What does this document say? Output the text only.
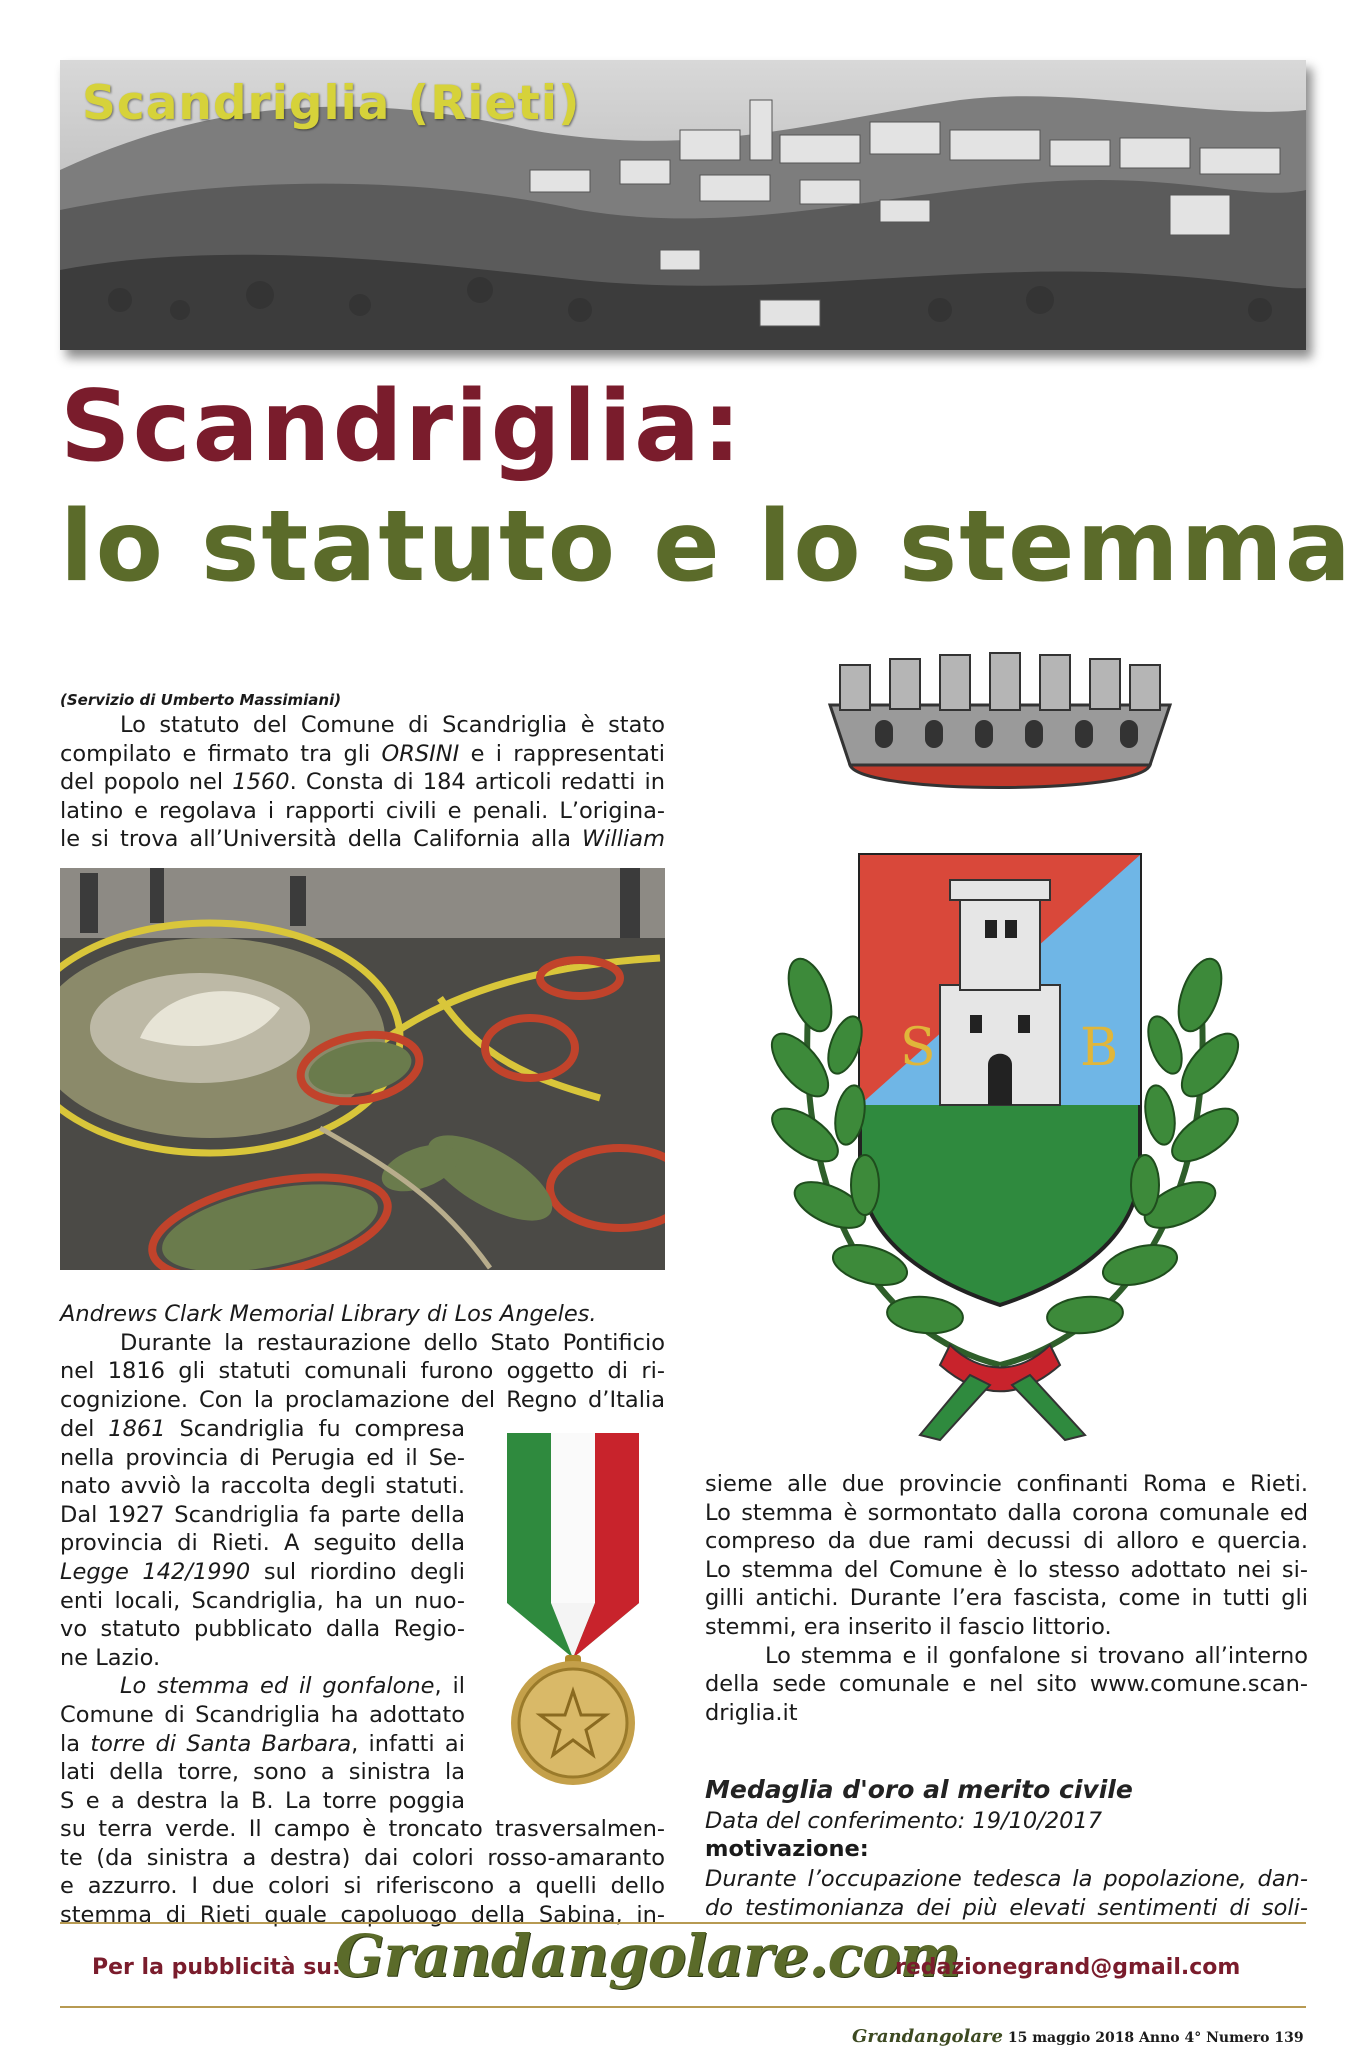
Scandriglia (Rieti)
Scandriglia:
lo statuto e lo stemma
(Servizio di Umberto Massimiani)
Lo statuto del Comune di Scandriglia è stato
compilato e firmato tra gli ORSINI e i rappresentati
del popolo nel 1560. Consta di 184 articoli redatti in
latino e regolava i rapporti civili e penali. L’origina-
le si trova all’Università della California alla William
Andrews Clark Memorial Library di Los Angeles.
Durante la restaurazione dello Stato Pontificio
nel 1816 gli statuti comunali furono oggetto di ri-
cognizione. Con la proclamazione del Regno d’Italia
del 1861 Scandriglia fu compresa
nella provincia di Perugia ed il Se-
nato avviò la raccolta degli statuti.
Dal 1927 Scandriglia fa parte della
provincia di Rieti. A seguito della
Legge 142/1990 sul riordino degli
enti locali, Scandriglia, ha un nuo-
vo statuto pubblicato dalla Regio-
ne Lazio.
Lo stemma ed il gonfalone, il
Comune di Scandriglia ha adottato
la torre di Santa Barbara, infatti ai
lati della torre, sono a sinistra la
S e a destra la B. La torre poggia
su terra verde. Il campo è troncato trasversalmen-
te (da sinistra a destra) dai colori rosso-amaranto
e azzurro. I due colori si riferiscono a quelli dello
stemma di Rieti quale capoluogo della Sabina, in-
S	B
sieme alle due provincie confinanti Roma e Rieti.
Lo stemma è sormontato dalla corona comunale ed
compreso da due rami decussi di alloro e quercia.
Lo stemma del Comune è lo stesso adottato nei si-
gilli antichi. Durante l’era fascista, come in tutti gli
stemmi, era inserito il fascio littorio.
Lo stemma e il gonfalone si trovano all’interno
della sede comunale e nel sito www.comune.scan-
driglia.it
Medaglia d'oro al merito civile
Data del conferimento: 19/10/2017
motivazione:
Durante l’occupazione tedesca la popolazione, dan-
do testimonianza dei più elevati sentimenti di soli-
Per la pubblicità su:
Grandangolare.com
redazionegrand@gmail.com
Grandangolare 15 maggio 2018 Anno 4° Numero 139
